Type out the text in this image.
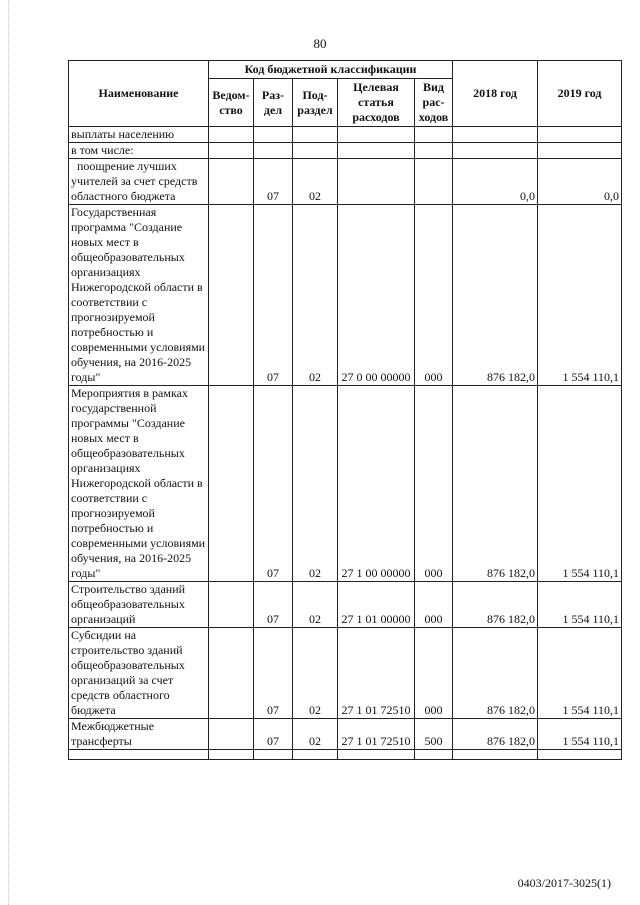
80
Наименование	Код бюджетной классификации					2018 год	2019 год
	Ведом-ство	Раз-дел	Под-раздел	Целевая статья расходов	Вид рас-ходов		
выплаты населению							
в том числе:							
поощрение лучших учителей за счет средств областного бюджета		07	02			0,0	0,0
Государственная программа "Создание новых мест в общеобразовательных организациях Нижегородской области в соответствии с прогнозируемой потребностью и современными условиями обучения, на 2016-2025 годы"		07	02	27 0 00 00000	000	876 182,0	1 554 110,1
Мероприятия в рамках государственной программы "Создание новых мест в общеобразовательных организациях Нижегородской области в соответствии с прогнозируемой потребностью и современными условиями обучения, на 2016-2025 годы"		07	02	27 1 00 00000	000	876 182,0	1 554 110,1
Строительство зданий общеобразовательных организаций		07	02	27 1 01 00000	000	876 182,0	1 554 110,1
Субсидии на строительство зданий общеобразовательных организаций за счет средств областного бюджета		07	02	27 1 01 72510	000	876 182,0	1 554 110,1
Межбюджетные трансферты		07	02	27 1 01 72510	500	876 182,0	1 554 110,1

0403/2017-3025(1)
